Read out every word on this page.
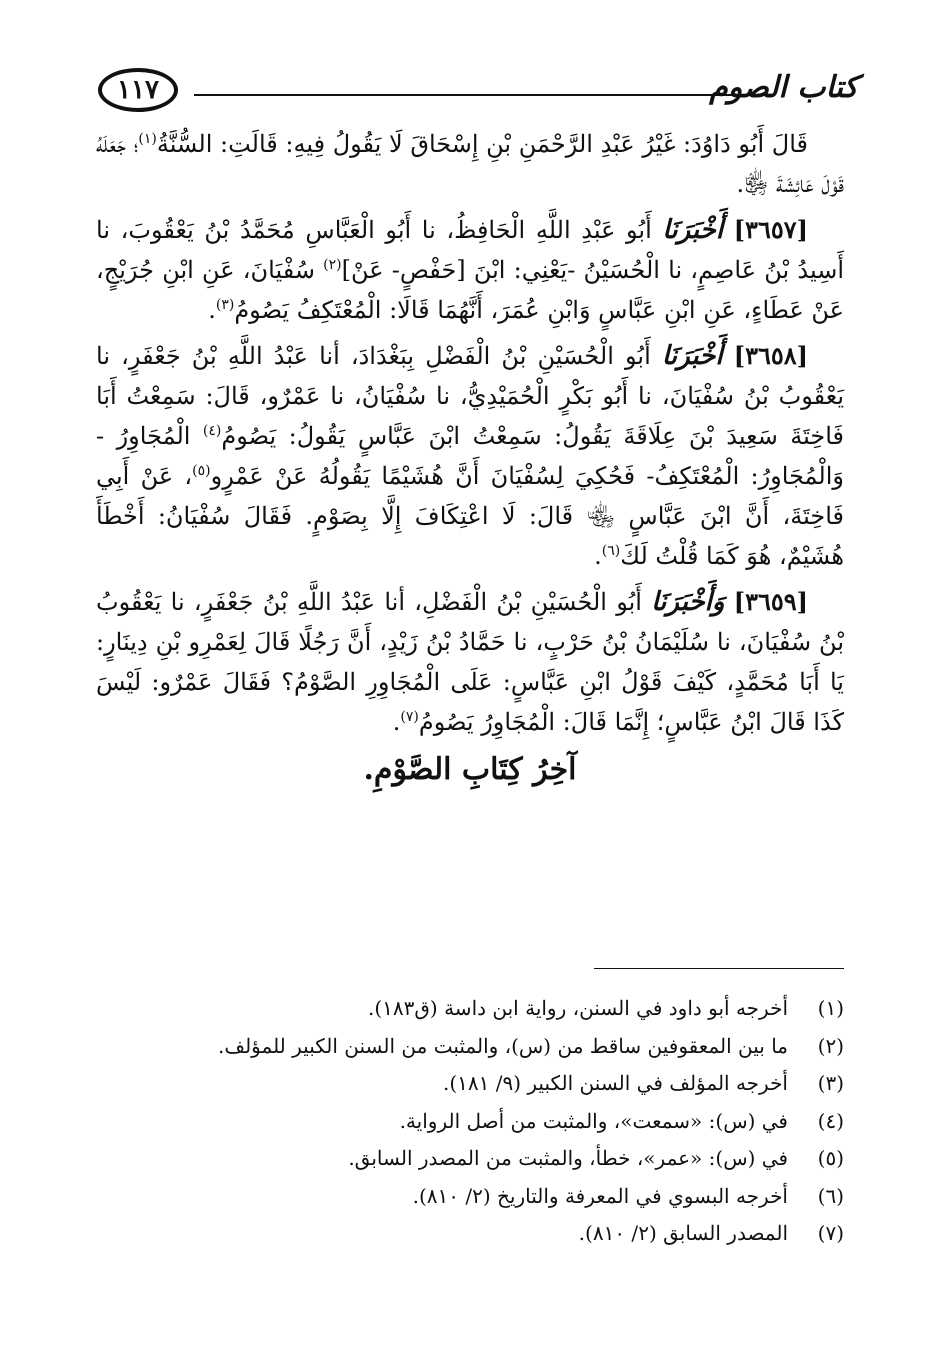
كتاب الصوم
١١٧

قَالَ أَبُو دَاوُدَ: غَيْرُ عَبْدِ الرَّحْمَنِ بْنِ إِسْحَاقَ لَا يَقُولُ فِيهِ: قَالَتِ: السُّنَّةُ$^{(١)}$؛ جَعَلَهُ قَوْلَ عَائِشَةَ ﵂.

[٣٦٥٧] أَخْبَرَنَا أَبُو عَبْدِ اللَّهِ الْحَافِظُ، نا أَبُو الْعَبَّاسِ مُحَمَّدُ بْنُ يَعْقُوبَ، نا أَسِيدُ بْنُ عَاصِمٍ، نا الْحُسَيْنُ -يَعْنِي: ابْنَ [حَفْصٍ- عَنْ]$^{(٢)}$ سُفْيَانَ، عَنِ ابْنِ جُرَيْجٍ، عَنْ عَطَاءٍ، عَنِ ابْنِ عَبَّاسٍ وَابْنِ عُمَرَ، أَنَّهُمَا قَالَا: الْمُعْتَكِفُ يَصُومُ$^{(٣)}$.

[٣٦٥٨] أَخْبَرَنَا أَبُو الْحُسَيْنِ بْنُ الْفَضْلِ بِبَغْدَادَ، أنا عَبْدُ اللَّهِ بْنُ جَعْفَرٍ، نا يَعْقُوبُ بْنُ سُفْيَانَ، نا أَبُو بَكْرٍ الْحُمَيْدِيُّ، نا سُفْيَانُ، نا عَمْرٌو، قَالَ: سَمِعْتُ أَبَا فَاخِتَةَ سَعِيدَ بْنَ عِلَاقَةَ يَقُولُ: سَمِعْتُ ابْنَ عَبَّاسٍ يَقُولُ: يَصُومُ$^{(٤)}$ الْمُجَاوِرُ - وَالْمُجَاوِرُ: الْمُعْتَكِفُ- فَحُكِيَ لِسُفْيَانَ أَنَّ هُشَيْمًا يَقُولُهُ عَنْ عَمْرٍو$^{(٥)}$، عَنْ أَبِي فَاخِتَةَ، أَنَّ ابْنَ عَبَّاسٍ ﵄ قَالَ: لَا اعْتِكَافَ إِلَّا بِصَوْمٍ. فَقَالَ سُفْيَانُ: أَخْطَأَ هُشَيْمٌ، هُوَ كَمَا قُلْتُ لَكَ$^{(٦)}$.

[٣٦٥٩] وَأَخْبَرَنَا أَبُو الْحُسَيْنِ بْنُ الْفَضْلِ، أنا عَبْدُ اللَّهِ بْنُ جَعْفَرٍ، نا يَعْقُوبُ بْنُ سُفْيَانَ، نا سُلَيْمَانُ بْنُ حَرْبٍ، نا حَمَّادُ بْنُ زَيْدٍ، أَنَّ رَجُلًا قَالَ لِعَمْرِو بْنِ دِينَارٍ: يَا أَبَا مُحَمَّدٍ، كَيْفَ قَوْلُ ابْنِ عَبَّاسٍ: عَلَى الْمُجَاوِرِ الصَّوْمُ؟ فَقَالَ عَمْرٌو: لَيْسَ كَذَا قَالَ ابْنُ عَبَّاسٍ؛ إِنَّمَا قَالَ: الْمُجَاوِرُ يَصُومُ$^{(٧)}$.

آخِرُ كِتَابِ الصَّوْمِ.
(١)أخرجه أبو داود في السنن، رواية ابن داسة (ق١٨٣).
(٢)ما بين المعقوفين ساقط من (س)، والمثبت من السنن الكبير للمؤلف.
(٣)أخرجه المؤلف في السنن الكبير (٩/ ١٨١).
(٤)في (س): «سمعت»، والمثبت من أصل الرواية.
(٥)في (س): «عمر»، خطأ، والمثبت من المصدر السابق.
(٦)أخرجه البسوي في المعرفة والتاريخ (٢/ ٨١٠).
(٧)المصدر السابق (٢/ ٨١٠).
